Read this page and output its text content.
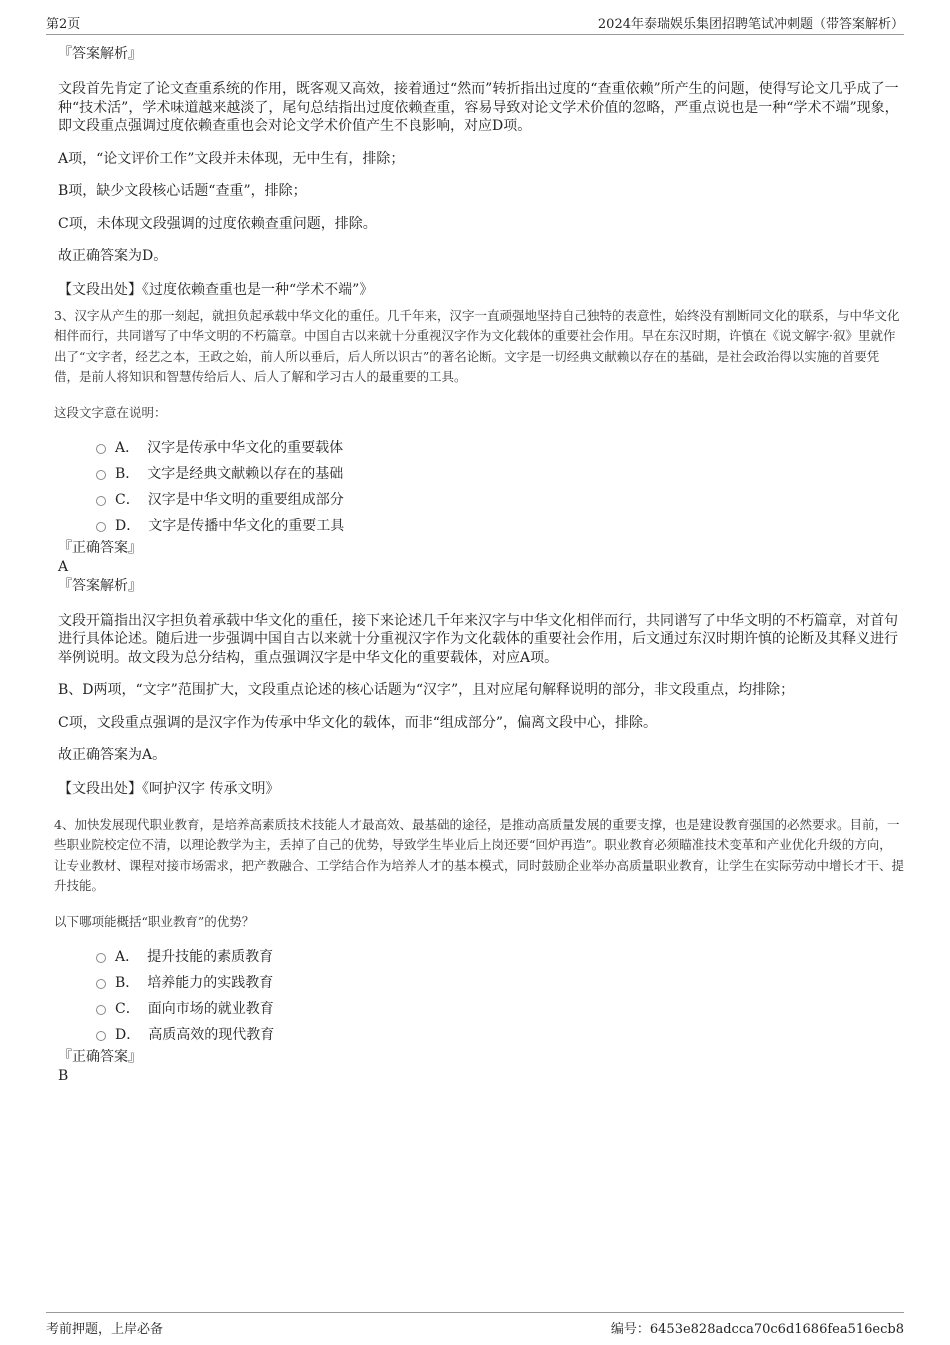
第2页	2024年泰瑞娱乐集团招聘笔试冲刺题（带答案解析）
『答案解析』

文段首先肯定了论文查重系统的作用，既客观又高效，接着通过“然而”转折指出过度的“查重依赖”所产生的问题，使得写论文几乎成了一种“技术活”，学术味道越来越淡了，尾句总结指出过度依赖查重，容易导致对论文学术价值的忽略，严重点说也是一种“学术不端”现象，即文段重点强调过度依赖查重也会对论文学术价值产生不良影响，对应D项。

A项，“论文评价工作”文段并未体现，无中生有，排除；

B项，缺少文段核心话题“查重”，排除；

C项，未体现文段强调的过度依赖查重问题，排除。

故正确答案为D。

【文段出处】《过度依赖查重也是一种“学术不端”》

3、汉字从产生的那一刻起，就担负起承载中华文化的重任。几千年来，汉字一直顽强地坚持自己独特的表意性，始终没有割断同文化的联系，与中华文化相伴而行，共同谱写了中华文明的不朽篇章。中国自古以来就十分重视汉字作为文化载体的重要社会作用。早在东汉时期，许慎在《说文解字·叙》里就作出了“文字者，经艺之本，王政之始，前人所以垂后，后人所以识古”的著名论断。文字是一切经典文献赖以存在的基础，是社会政治得以实施的首要凭借，是前人将知识和智慧传给后人、后人了解和学习古人的最重要的工具。

这段文字意在说明：
A． 汉字是传承中华文化的重要载体
B． 文字是经典文献赖以存在的基础
C． 汉字是中华文明的重要组成部分
D． 文字是传播中华文化的重要工具
『正确答案』
A
『答案解析』

文段开篇指出汉字担负着承载中华文化的重任，接下来论述几千年来汉字与中华文化相伴而行，共同谱写了中华文明的不朽篇章，对首句进行具体论述。随后进一步强调中国自古以来就十分重视汉字作为文化载体的重要社会作用，后文通过东汉时期许慎的论断及其释义进行举例说明。故文段为总分结构，重点强调汉字是中华文化的重要载体，对应A项。

B、D两项，“文字”范围扩大，文段重点论述的核心话题为“汉字”，且对应尾句解释说明的部分，非文段重点，均排除；

C项，文段重点强调的是汉字作为传承中华文化的载体，而非“组成部分”，偏离文段中心，排除。

故正确答案为A。

【文段出处】《呵护汉字 传承文明》

4、加快发展现代职业教育，是培养高素质技术技能人才最高效、最基础的途径，是推动高质量发展的重要支撑，也是建设教育强国的必然要求。目前，一些职业院校定位不清，以理论教学为主，丢掉了自己的优势，导致学生毕业后上岗还要“回炉再造”。职业教育必须瞄准技术变革和产业优化升级的方向，让专业教材、课程对接市场需求，把产教融合、工学结合作为培养人才的基本模式，同时鼓励企业举办高质量职业教育，让学生在实际劳动中增长才干、提升技能。

以下哪项能概括“职业教育”的优势？
A． 提升技能的素质教育
B． 培养能力的实践教育
C． 面向市场的就业教育
D． 高质高效的现代教育
『正确答案』
B
考前押题，上岸必备	编号：6453e828adcca70c6d1686fea516ecb8
